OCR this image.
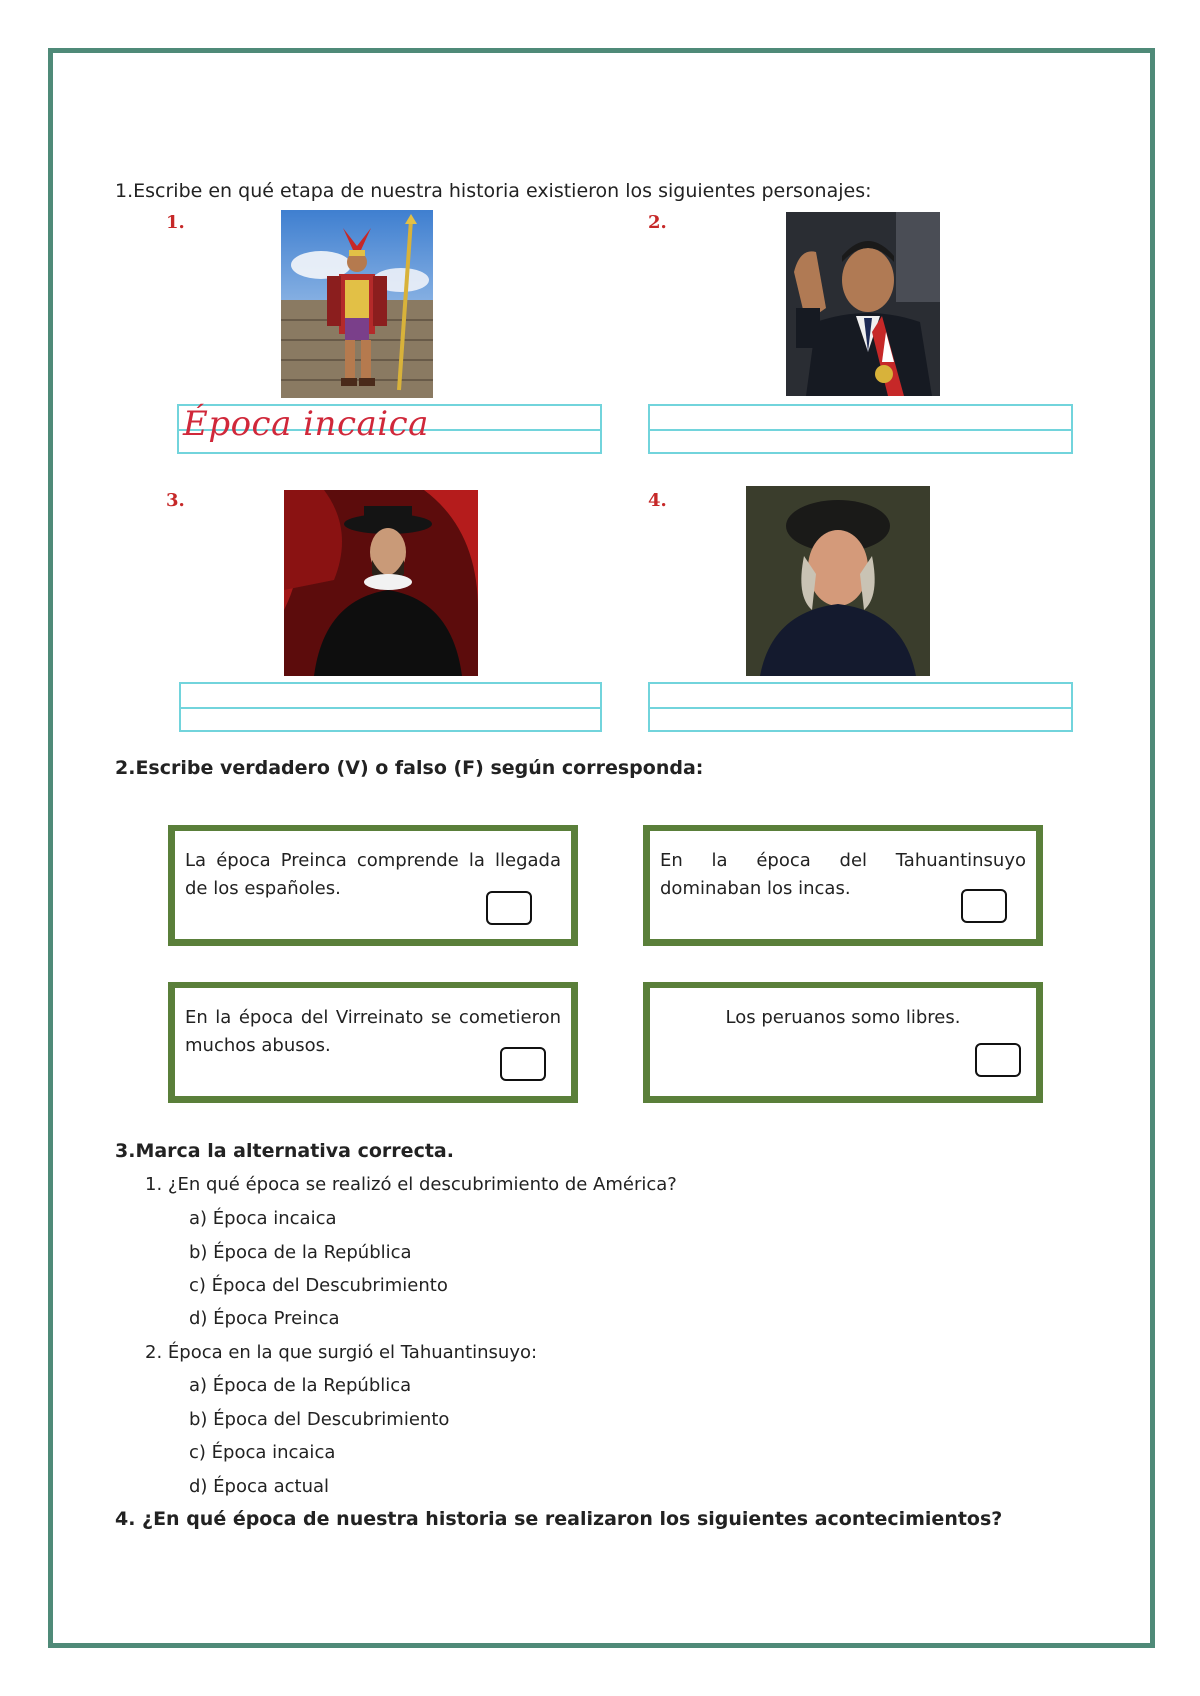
1.Escribe en qué etapa de nuestra historia existieron los siguientes personajes:
1.
Época incaica
2.
3.	4.
2.Escribe verdadero (V) o falso (F) según corresponda:
La época Preinca comprende la llegada de los españoles.
En la época del Tahuantinsuyo dominaban los incas.
En la época del Virreinato se cometieron muchos abusos.
Los peruanos somo libres.
3.Marca la alternativa correcta.
1. ¿En qué época se realizó el descubrimiento de América?
a) Época incaica
b) Época de la República
c) Época del Descubrimiento
d) Época Preinca
2. Época en la que surgió el Tahuantinsuyo:
a) Época de la República
b) Época del Descubrimiento
c) Época incaica
d) Época actual
4. ¿En qué época de nuestra historia se realizaron los siguientes acontecimientos?
